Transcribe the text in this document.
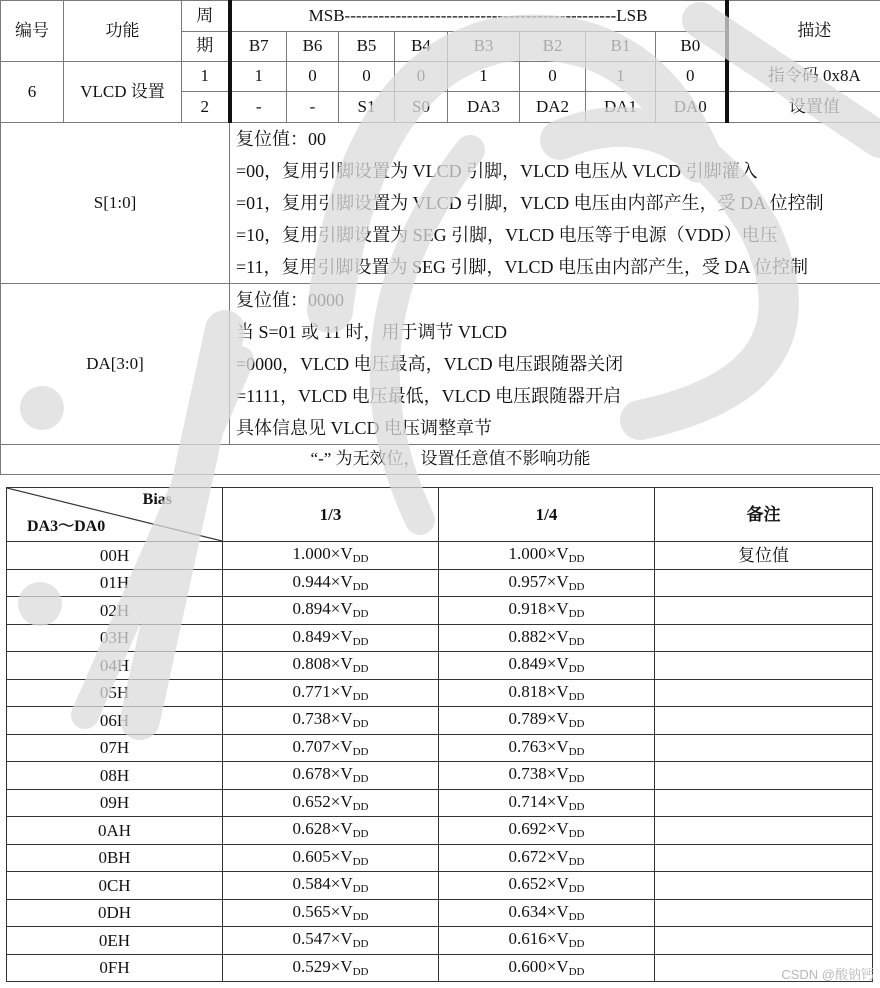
编号	功能	周	MSB------------------------------------------------LSB								描述
		期	B7	B6	B5	B4	B3	B2	B1	B0	
6	VLCD 设置	1	1	0	0	0	1	0	1	0	指令码 0x8A
		2	-	-	S1	S0	DA3	DA2	DA1	DA0	设置值
S[1:0]			复位值：00
=00，复用引脚设置为 VLCD 引脚，VLCD 电压从 VLCD 引脚灌入
=01，复用引脚设置为 VLCD 引脚，VLCD 电压由内部产生，受 DA 位控制
=10，复用引脚设置为 SEG 引脚，VLCD 电压等于电源（VDD）电压
=11，复用引脚设置为 SEG 引脚，VLCD 电压由内部产生，受 DA 位控制								

DA[3:0]			复位值：0000
当 S=01 或 11 时，用于调节 VLCD
=0000，VLCD 电压最高，VLCD 电压跟随器关闭
=1111，VLCD 电压最低，VLCD 电压跟随器开启
具体信息见 VLCD 电压调整章节								

“-” 为无效位，设置任意值不影响功能											
Bias
DA3～DA0	1/3	1/4	备注
00H	$1.000\times V_{DD}$	$1.000\times V_{DD}$	复位值
01H	$0.944\times V_{DD}$	$0.957\times V_{DD}$	
02H	$0.894\times V_{DD}$	$0.918\times V_{DD}$	
03H	$0.849\times V_{DD}$	$0.882\times V_{DD}$	
04H	$0.808\times V_{DD}$	$0.849\times V_{DD}$	
05H	$0.771\times V_{DD}$	$0.818\times V_{DD}$	
06H	$0.738\times V_{DD}$	$0.789\times V_{DD}$	
07H	$0.707\times V_{DD}$	$0.763\times V_{DD}$	
08H	$0.678\times V_{DD}$	$0.738\times V_{DD}$	
09H	$0.652\times V_{DD}$	$0.714\times V_{DD}$	
0AH	$0.628\times V_{DD}$	$0.692\times V_{DD}$	
0BH	$0.605\times V_{DD}$	$0.672\times V_{DD}$	
0CH	$0.584\times V_{DD}$	$0.652\times V_{DD}$	
0DH	$0.565\times V_{DD}$	$0.634\times V_{DD}$	
0EH	$0.547\times V_{DD}$	$0.616\times V_{DD}$	
0FH	$0.529\times V_{DD}$	$0.600\times V_{DD}$		CSDN @酸钠钙
